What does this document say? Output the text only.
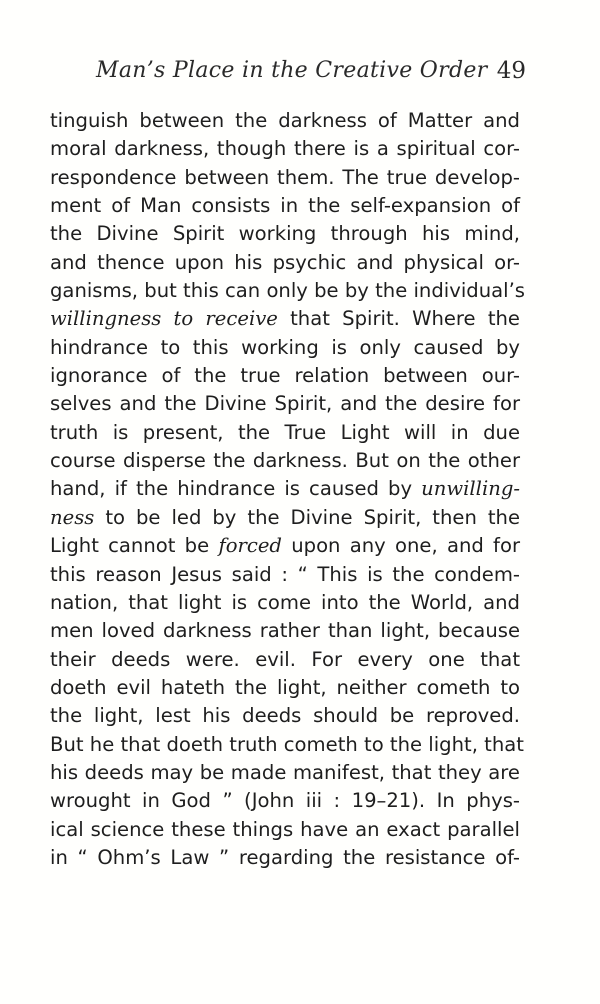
Man’s Place in the Creative Order 49
tinguish between the darkness of Matter and
moral darkness, though there is a spiritual cor-
respondence between them. The true develop-
ment of Man consists in the self-expansion of
the Divine Spirit working through his mind,
and thence upon his psychic and physical or-
ganisms, but this can only be by the individual’s
willingness to receive that Spirit. Where the
hindrance to this working is only caused by
ignorance of the true relation between our-
selves and the Divine Spirit, and the desire for
truth is present, the True Light will in due
course disperse the darkness. But on the other
hand, if the hindrance is caused by unwilling-
ness to be led by the Divine Spirit, then the
Light cannot be forced upon any one, and for
this reason Jesus said : “ This is the condem-
nation, that light is come into the World, and
men loved darkness rather than light, because
their deeds were. evil. For every one that
doeth evil hateth the light, neither cometh to
the light, lest his deeds should be reproved.
But he that doeth truth cometh to the light, that
his deeds may be made manifest, that they are
wrought in God ” (John iii : 19–21). In phys-
ical science these things have an exact parallel
in “ Ohm’s Law ” regarding the resistance of-
